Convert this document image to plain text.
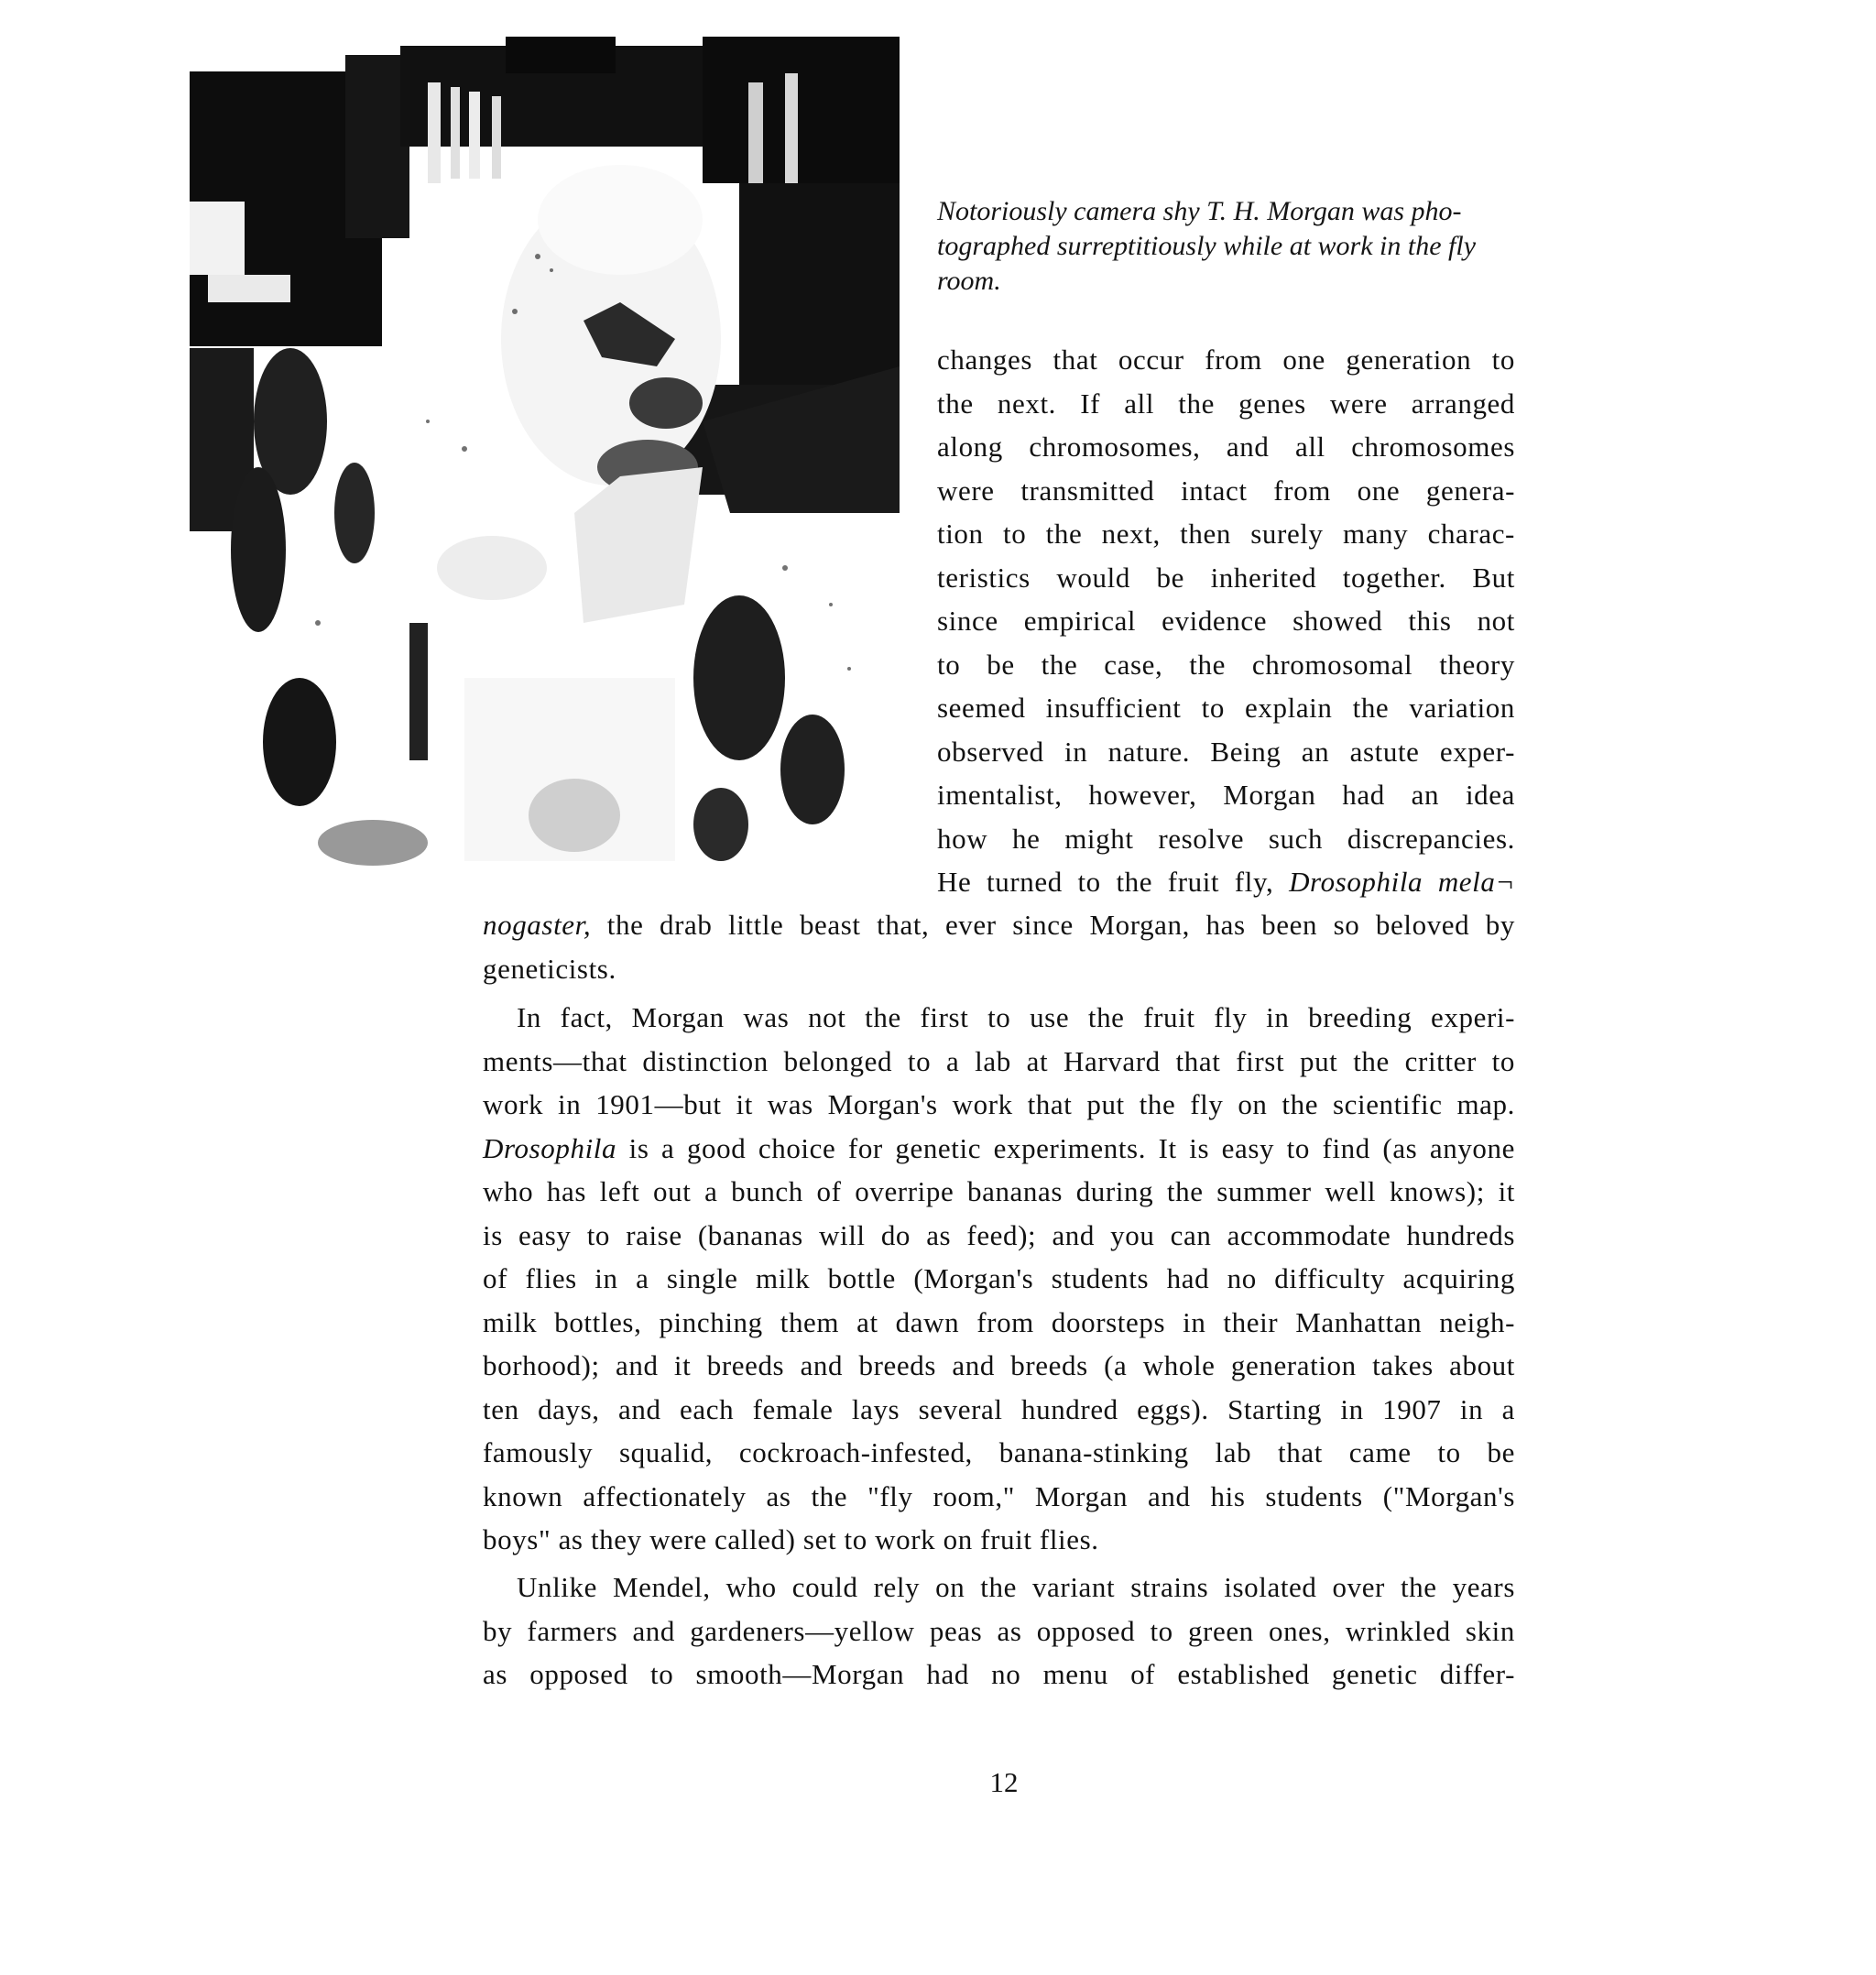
Notoriously camera shy T. H. Morgan was pho-
tographed surreptitiously while at work in the fly
room.

changes that occur from one generation to
the next. If all the genes were arranged
along chromosomes, and all chromosomes
were transmitted intact from one genera-
tion to the next, then surely many charac-
teristics would be inherited together. But
since empirical evidence showed this not
to be the case, the chromosomal theory
seemed insufficient to explain the variation
observed in nature. Being an astute exper-
imentalist, however, Morgan had an idea
how he might resolve such discrepancies.
He turned to the fruit fly, Drosophila mela¬

nogaster, the drab little beast that, ever since Morgan, has been so beloved by
geneticists.

In fact, Morgan was not the first to use the fruit fly in breeding experi-
ments—that distinction belonged to a lab at Harvard that first put the critter to
work in 1901—but it was Morgan's work that put the fly on the scientific map.
Drosophila is a good choice for genetic experiments. It is easy to find (as anyone
who has left out a bunch of overripe bananas during the summer well knows); it
is easy to raise (bananas will do as feed); and you can accommodate hundreds
of flies in a single milk bottle (Morgan's students had no difficulty acquiring
milk bottles, pinching them at dawn from doorsteps in their Manhattan neigh-
borhood); and it breeds and breeds and breeds (a whole generation takes about
ten days, and each female lays several hundred eggs). Starting in 1907 in a
famously squalid, cockroach-infested, banana-stinking lab that came to be
known affectionately as the "fly room," Morgan and his students ("Morgan's
boys" as they were called) set to work on fruit flies.

Unlike Mendel, who could rely on the variant strains isolated over the years
by farmers and gardeners—yellow peas as opposed to green ones, wrinkled skin
as opposed to smooth—Morgan had no menu of established genetic differ-

12
